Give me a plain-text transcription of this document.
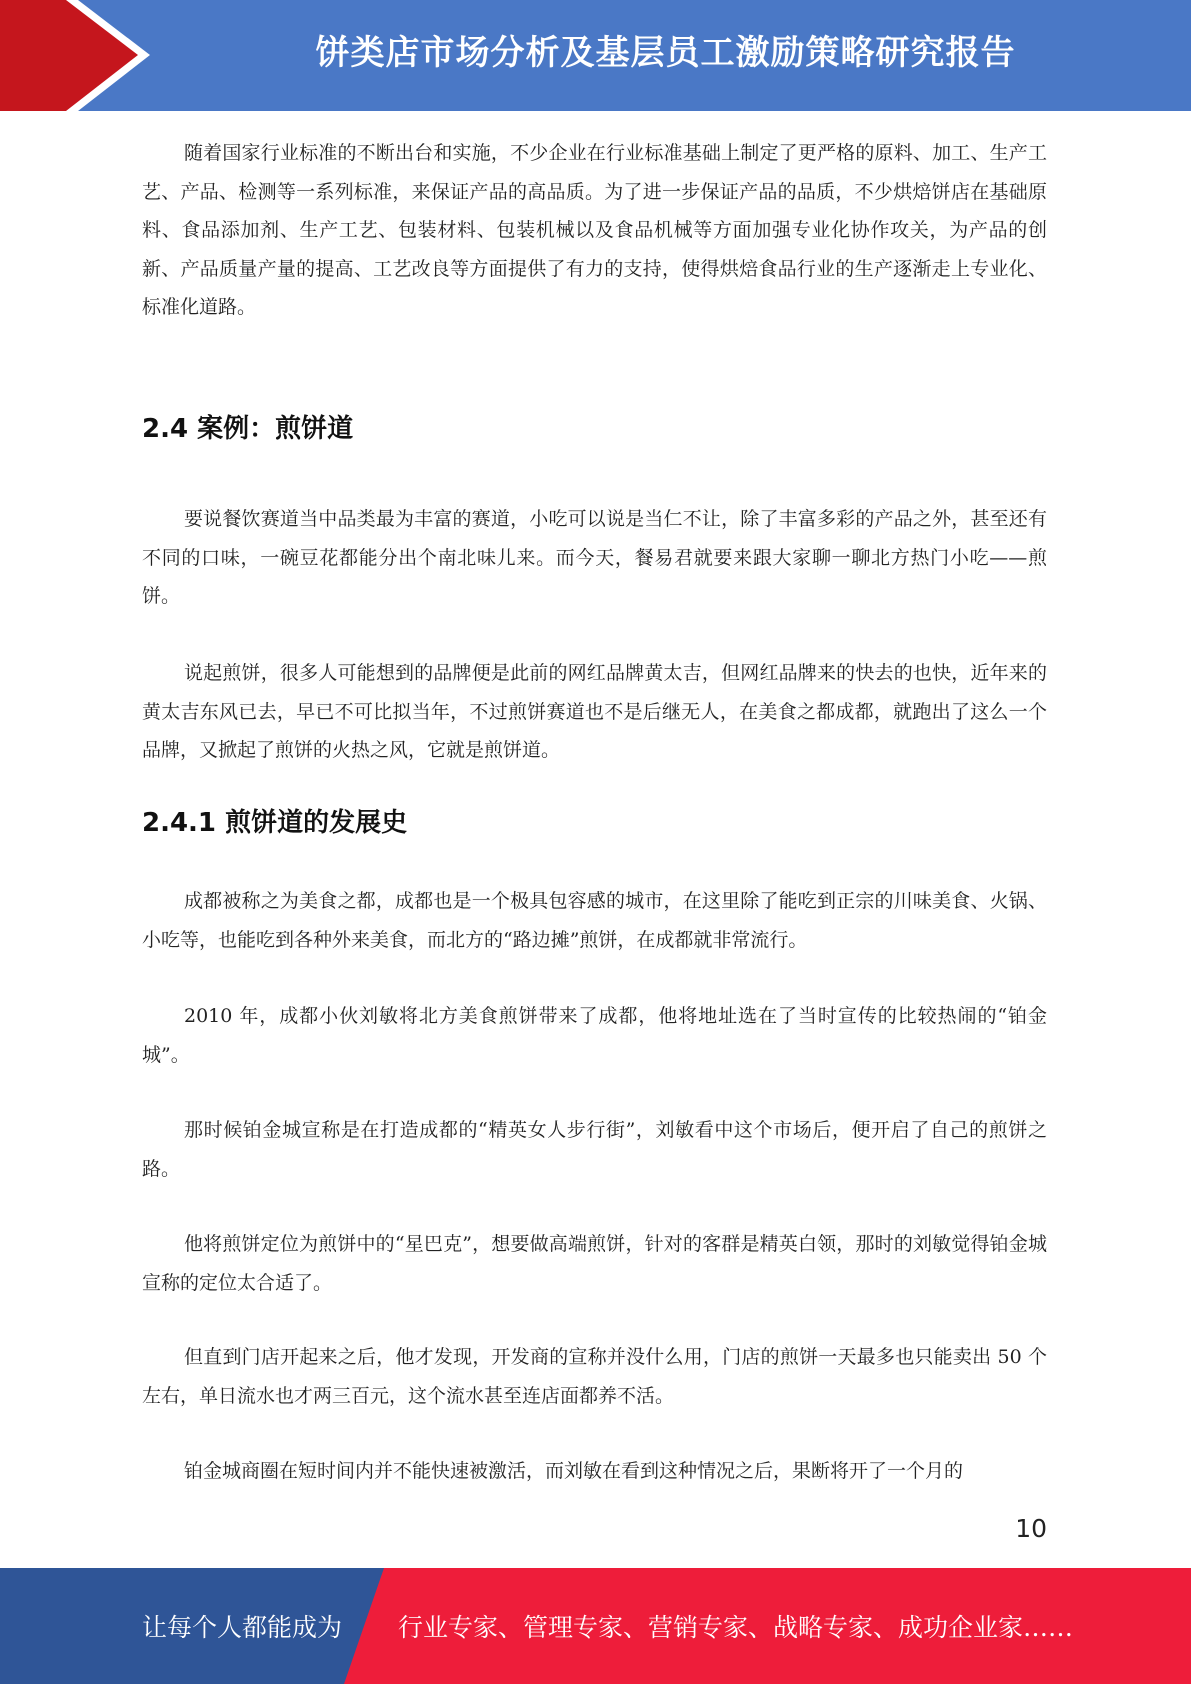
饼类店市场分析及基层员工激励策略研究报告

随着国家行业标准的不断出台和实施，不少企业在行业标准基础上制定了更严格的原料、加工、生产工艺、产品、检测等一系列标准，来保证产品的高品质。为了进一步保证产品的品质，不少烘焙饼店在基础原料、食品添加剂、生产工艺、包装材料、包装机械以及食品机械等方面加强专业化协作攻关，为产品的创新、产品质量产量的提高、工艺改良等方面提供了有力的支持，使得烘焙食品行业的生产逐渐走上专业化、标准化道路。

2.4 案例：煎饼道

要说餐饮赛道当中品类最为丰富的赛道，小吃可以说是当仁不让，除了丰富多彩的产品之外，甚至还有不同的口味，一碗豆花都能分出个南北味儿来。而今天，餐易君就要来跟大家聊一聊北方热门小吃——煎饼。

说起煎饼，很多人可能想到的品牌便是此前的网红品牌黄太吉，但网红品牌来的快去的也快，近年来的黄太吉东风已去，早已不可比拟当年，不过煎饼赛道也不是后继无人，在美食之都成都，就跑出了这么一个品牌，又掀起了煎饼的火热之风，它就是煎饼道。

2.4.1 煎饼道的发展史

成都被称之为美食之都，成都也是一个极具包容感的城市，在这里除了能吃到正宗的川味美食、火锅、小吃等，也能吃到各种外来美食，而北方的“路边摊”煎饼，在成都就非常流行。

2010 年，成都小伙刘敏将北方美食煎饼带来了成都，他将地址选在了当时宣传的比较热闹的“铂金城”。

那时候铂金城宣称是在打造成都的“精英女人步行街”，刘敏看中这个市场后，便开启了自己的煎饼之路。

他将煎饼定位为煎饼中的“星巴克”，想要做高端煎饼，针对的客群是精英白领，那时的刘敏觉得铂金城宣称的定位太合适了。

但直到门店开起来之后，他才发现，开发商的宣称并没什么用，门店的煎饼一天最多也只能卖出 50 个左右，单日流水也才两三百元，这个流水甚至连店面都养不活。

铂金城商圈在短时间内并不能快速被激活，而刘敏在看到这种情况之后，果断将开了一个月的

10
让每个人都能成为 行业专家、管理专家、营销专家、战略专家、成功企业家……
